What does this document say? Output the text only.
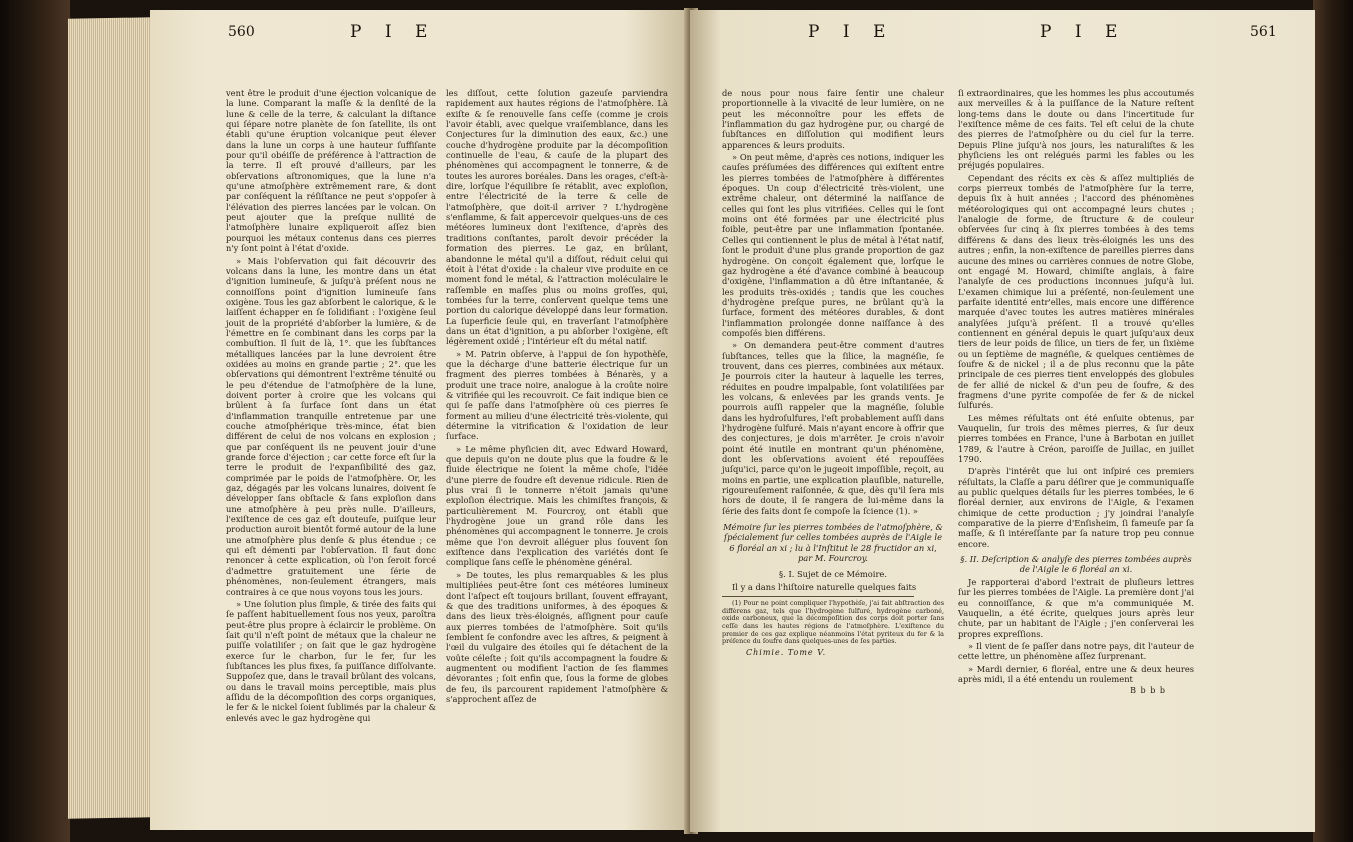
560	P I E

vent être le produit d'une éjection volcanique de la lune. Comparant la maſſe & la denſité de la lune & celle de la terre, & calculant la diſtance qui ſépare notre planète de ſon ſatellite, ils ont établi qu'une éruption volcanique peut élever dans la lune un corps à une hauteur ſuffiſante pour qu'il obéiſſe de préférence à l'attraction de la terre. Il eſt prouvé d'ailleurs, par les obſervations aſtronomiques, que la lune n'a qu'une atmoſphère extrêmement rare, & dont par conſéquent la réſiſtance ne peut s'oppoſer à l'élévation des pierres lancées par le volcan. On peut ajouter que la preſque nullité de l'atmoſphère lunaire expliqueroit aſſez bien pourquoi les métaux contenus dans ces pierres n'y ſont point à l'état d'oxide.

» Mais l'obſervation qui fait découvrir des volcans dans la lune, les montre dans un état d'ignition lumineuſe, & juſqu'à préſent nous ne connoiſſons point d'ignition lumineuſe ſans oxigène. Tous les gaz abſorbent le calorique, & le laiſſent échapper en ſe ſolidifiant : l'oxigène ſeul jouit de la propriété d'abſorber la lumière, & de l'émettre en ſe combinant dans les corps par la combuſtion. Il ſuit de là, 1°. que les ſubſtances métalliques lancées par la lune devroient être oxidées au moins en grande partie ; 2°. que les obſervations qui démontrent l'extrême ténuité ou le peu d'étendue de l'atmoſphère de la lune, doivent porter à croire que les volcans qui brûlent à ſa ſurface ſont dans un état d'inflammation tranquille entretenue par une couche atmoſphérique très-mince, état bien différent de celui de nos volcans en explosion ; que par conſéquent ils ne peuvent jouir d'une grande force d'éjection ; car cette force eſt ſur la terre le produit de l'expanſibilité des gaz, comprimée par le poids de l'atmoſphère. Or, les gaz, dégagés par les volcans lunaires, doivent ſe développer ſans obſtacle & ſans exploſion dans une atmoſphère à peu près nulle. D'ailleurs, l'exiſtence de ces gaz eſt douteuſe, puiſque leur production auroit bientôt formé autour de la lune une atmoſphère plus denſe & plus étendue ; ce qui eſt démenti par l'obſervation. Il faut donc renoncer à cette explication, où l'on ſeroit forcé d'admettre gratuitement une ſérie de phénomènes, non-ſeulement étrangers, mais contraires à ce que nous voyons tous les jours.

» Une ſolution plus ſimple, & tirée des faits qui ſe paſſent habituellement ſous nos yeux, paroîtra peut-être plus propre à éclaircir le problème. On ſait qu'il n'eſt point de métaux que la chaleur ne puiſſe volatiliſer ; on ſait que le gaz hydrogène exerce ſur le charbon, ſur le fer, ſur les ſubſtances les plus fixes, ſa puiſſance diſſolvante. Suppoſez que, dans le travail brûlant des volcans, ou dans le travail moins perceptible, mais plus aſſidu de la décompoſition des corps organiques, le fer & le nickel ſoient ſublimés par la chaleur & enlevés avec le gaz hydrogène qui

les diſſout, cette ſolution gazeuſe parviendra rapidement aux hautes régions de l'atmoſphère. Là exiſte & ſe renouvelle ſans ceſſe (comme je crois l'avoir établi, avec quelque vraiſemblance, dans les Conjectures ſur la diminution des eaux, &c.) une couche d'hydrogène produite par la décompoſition continuelle de l'eau, & cauſe de la plupart des phénomènes qui accompagnent le tonnerre, & de toutes les aurores boréales. Dans les orages, c'eſt-à-dire, lorſque l'équilibre ſe rétablit, avec exploſion, entre l'électricité de la terre & celle de l'atmoſphère, que doit-il arriver ? L'hydrogène s'enflamme, & fait appercevoir quelques-uns de ces météores lumineux dont l'exiſtence, d'après des traditions conſtantes, paroît devoir précéder la formation des pierres. Le gaz, en brûlant, abandonne le métal qu'il a diſſout, réduit celui qui étoit à l'état d'oxide : la chaleur vive produite en ce moment fond le métal, & l'attraction moléculaire le raſſemble en maſſes plus ou moins groſſes, qui, tombées ſur la terre, conſervent quelque tems une portion du calorique développé dans leur formation. La ſuperficie ſeule qui, en traverſant l'atmoſphère dans un état d'ignition, a pu abſorber l'oxigène, eſt légèrement oxidé ; l'intérieur eſt du métal natif.

» M. Patrin obſerve, à l'appui de ſon hypothèſe, que la décharge d'une batterie électrique ſur un fragment des pierres tombées à Bénarès, y a produit une trace noire, analogue à la croûte noire & vitrifiée qui les recouvroit. Ce fait indique bien ce qui ſe paſſe dans l'atmoſphère où ces pierres ſe forment au milieu d'une électricité très-violente, qui détermine la vitrification & l'oxidation de leur ſurface.

» Le même phyſicien dit, avec Edward Howard, que depuis qu'on ne doute plus que la foudre & le fluide électrique ne ſoient la même choſe, l'idée d'une pierre de foudre eſt devenue ridicule. Rien de plus vrai ſi le tonnerre n'étoit jamais qu'une exploſion électrique. Mais les chimiſtes françois, & particulièrement M. Fourcroy, ont établi que l'hydrogène joue un grand rôle dans les phénomènes qui accompagnent le tonnerre. Je crois même que l'on devroit alléguer plus ſouvent ſon exiſtence dans l'explication des variétés dont ſe complique ſans ceſſe le phénomène général.

» De toutes, les plus remarquables & les plus multipliées peut-être ſont ces météores lumineux dont l'aſpect eſt toujours brillant, ſouvent effrayant, & que des traditions uniformes, à des époques & dans des lieux très-éloignés, aſſignent pour cauſe aux pierres tombées de l'atmoſphère. Soit qu'ils ſemblent ſe confondre avec les aſtres, & peignent à l'œil du vulgaire des étoiles qui ſe détachent de la voûte céleſte ; ſoit qu'ils accompagnent la foudre & augmentent ou modifient l'action de ſes flammes dévorantes ; ſoit enfin que, ſous la forme de globes de feu, ils parcourent rapidement l'atmoſphère & s'approchent aſſez de

P I E	P I E	561

de nous pour nous faire ſentir une chaleur proportionnelle à la vivacité de leur lumière, on ne peut les méconnoître pour les effets de l'inflammation du gaz hydrogène pur, ou chargé de ſubſtances en diſſolution qui modifient leurs apparences & leurs produits.

» On peut même, d'après ces notions, indiquer les cauſes préſumées des différences qui exiſtent entre les pierres tombées de l'atmoſphère à différentes époques. Un coup d'électricité très-violent, une extrême chaleur, ont déterminé la naiſſance de celles qui ſont les plus vitrifiées. Celles qui le ſont moins ont été formées par une électricité plus foible, peut-être par une inflammation ſpontanée. Celles qui contiennent le plus de métal à l'état natif, ſont le produit d'une plus grande proportion de gaz hydrogène. On conçoit également que, lorſque le gaz hydrogène a été d'avance combiné à beaucoup d'oxigène, l'inflammation a dû être inſtantanée, & les produits très-oxidés ; tandis que les couches d'hydrogène preſque pures, ne brûlant qu'à la ſurface, forment des météores durables, & dont l'inflammation prolongée donne naiſſance à des compoſés bien différens.

» On demandera peut-être comment d'autres ſubſtances, telles que la ſilice, la magnéſie, ſe trouvent, dans ces pierres, combinées aux métaux. Je pourrois citer la hauteur à laquelle les terres, réduites en poudre impalpable, ſont volatiliſées par les volcans, & enlevées par les grands vents. Je pourrois auſſi rappeler que la magnéſie, ſoluble dans les hydroſulfures, l'eſt probablement auſſi dans l'hydrogène ſulfuré. Mais n'ayant encore à offrir que des conjectures, je dois m'arrêter. Je crois n'avoir point été inutile en montrant qu'un phénomène, dont les obſervations avoient été repouſſées juſqu'ici, parce qu'on le jugeoit impoſſible, reçoit, au moins en partie, une explication plauſible, naturelle, rigoureuſement raiſonnée, & que, dès qu'il ſera mis hors de doute, il ſe rangera de lui-même dans la ſérie des faits dont ſe compoſe la ſcience (1). »

Mémoire ſur les pierres tombées de l'atmoſphère, & ſpécialement ſur celles tombées auprès de l'Aigle le 6 floréal an xi ; lu à l'Inſtitut le 28 fructidor an xi, par M. Fourcroy.

§. I. Sujet de ce Mémoire.

Il y a dans l'hiſtoire naturelle quelques faits

(1) Pour ne point compliquer l'hypothèſe, j'ai fait abſtraction des différens gaz, tels que l'hydrogène ſulfuré, hydrogène carboné, oxide carboneux, que la décompoſition des corps doit porter ſans ceſſe dans les hautes régions de l'atmoſphère. L'exiſtence du premier de ces gaz explique néanmoins l'état pyriteux du fer & la préſence du ſoufre dans quelques-unes de ſes parties.

Chimie. Tome V.

ſi extraordinaires, que les hommes les plus accoutumés aux merveilles & à la puiſſance de la Nature reſtent long-tems dans le doute ou dans l'incertitude ſur l'exiſtence même de ces faits. Tel eſt celui de la chute des pierres de l'atmoſphère ou du ciel ſur la terre. Depuis Pline juſqu'à nos jours, les naturaliſtes & les phyſiciens les ont relégués parmi les fables ou les préjugés populaires.

Cependant des récits ex cès & aſſez multipliés de corps pierreux tombés de l'atmoſphère ſur la terre, depuis ſix à huit années ; l'accord des phénomènes météorologiques qui ont accompagné leurs chutes ; l'analogie de forme, de ſtructure & de couleur obſervées ſur cinq à ſix pierres tombées à des tems différens & dans des lieux très-éloignés les uns des autres ; enfin, la non-exiſtence de pareilles pierres dans aucune des mines ou carrières connues de notre Globe, ont engagé M. Howard, chimiſte anglais, à faire l'analyſe de ces productions inconnues juſqu'à lui. L'examen chimique lui a préſenté, non-ſeulement une parfaite identité entr'elles, mais encore une différence marquée d'avec toutes les autres matières minérales analyſées juſqu'à préſent. Il a trouvé qu'elles contiennent en général depuis le quart juſqu'aux deux tiers de leur poids de ſilice, un tiers de fer, un ſixième ou un ſeptième de magnéſie, & quelques centièmes de ſoufre & de nickel ; il a de plus reconnu que la pâte principale de ces pierres tient enveloppés des globules de fer allié de nickel & d'un peu de ſoufre, & des fragmens d'une pyrite compoſée de fer & de nickel ſulfurés.

Les mêmes réſultats ont été enſuite obtenus, par Vauquelin, ſur trois des mêmes pierres, & ſur deux pierres tombées en France, l'une à Barbotan en juillet 1789, & l'autre à Créon, paroiſſe de Juillac, en juillet 1790.

D'après l'intérêt que lui ont inſpiré ces premiers réſultats, la Claſſe a paru déſirer que je communiquaſſe au public quelques détails ſur les pierres tombées, le 6 floréal dernier, aux environs de l'Aigle, & l'examen chimique de cette production ; j'y joindrai l'analyſe comparative de la pierre d'Enſisheim, ſi fameuſe par ſa maſſe, & ſi intéreſſante par ſa nature trop peu connue encore.

§. II. Deſcription & analyſe des pierres tombées auprès de l'Aigle le 6 floréal an xi.

Je rapporterai d'abord l'extrait de pluſieurs lettres ſur les pierres tombées de l'Aigle. La première dont j'ai eu connoiſſance, & que m'a communiquée M. Vauquelin, a été écrite, quelques jours après leur chute, par un habitant de l'Aigle ; j'en conſerverai les propres expreſſions.

» Il vient de ſe paſſer dans notre pays, dit l'auteur de cette lettre, un phénomène aſſez ſurprenant.

» Mardi dernier, 6 floréal, entre une & deux heures après midi, il a été entendu un roulement

B b b b
